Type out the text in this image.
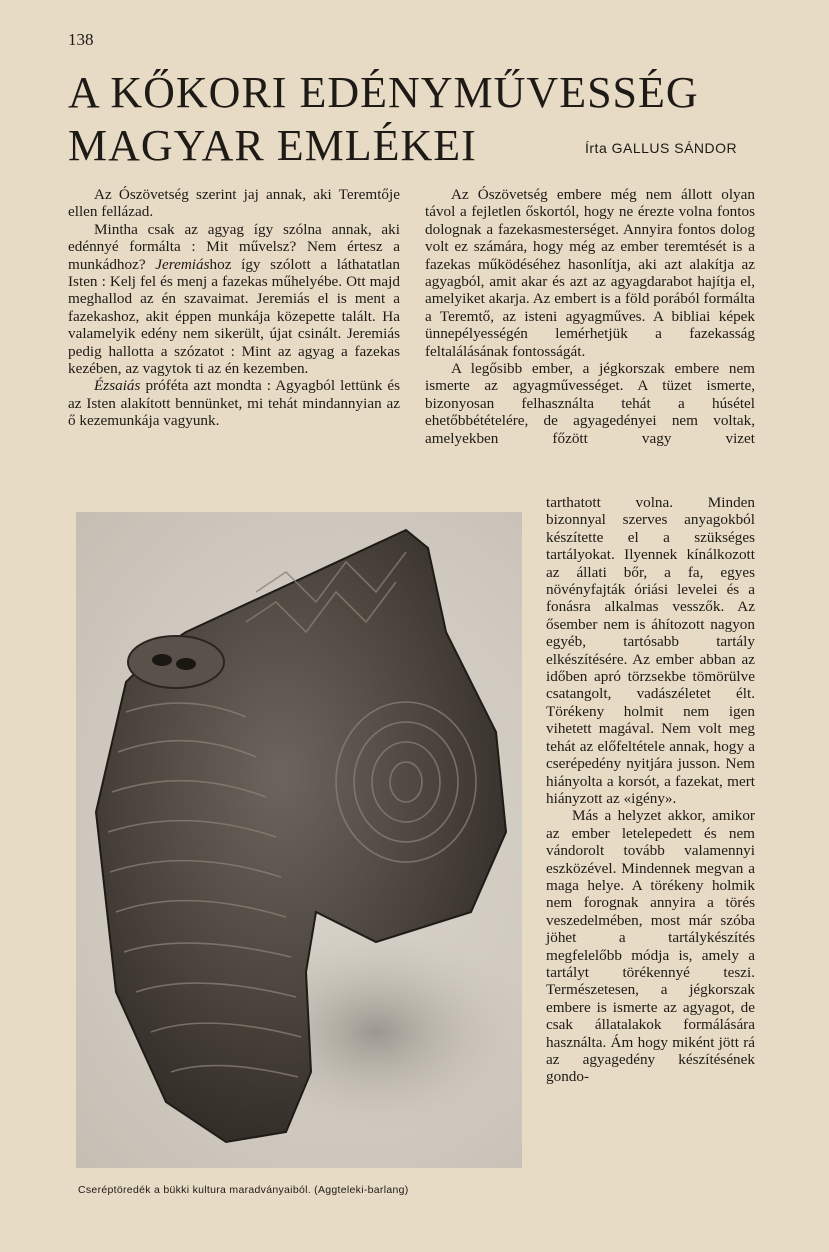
138
A KŐKORI EDÉNYMŰVESSÉG
MAGYAR EMLÉKEI	Írta GALLUS SÁNDOR

Az Ószövetség szerint jaj annak, aki Teremtője ellen fellázad.

Mintha csak az agyag így szólna annak, aki edénnyé formálta : Mit művelsz? Nem értesz a munkádhoz? Jeremiáshoz így szólott a láthatatlan Isten : Kelj fel és menj a fazekas műhelyébe. Ott majd meghallod az én szavaimat. Jeremiás el is ment a fazekashoz, akit éppen munkája közepette talált. Ha valamelyik edény nem sikerült, újat csinált. Jeremiás pedig hallotta a szózatot : Mint az agyag a fazekas kezében, az vagytok ti az én kezemben.

Ézsaiás próféta azt mondta : Agyagból lettünk és az Isten alakított bennünket, mi tehát mindannyian az ő kezemunkája vagyunk.

Az Ószövetség embere még nem állott olyan távol a fejletlen őskortól, hogy ne érezte volna fontos dolognak a fazekasmesterséget. Annyira fontos dolog volt ez számára, hogy még az ember teremtését is a fazekas működéséhez hasonlítja, aki azt alakítja az agyagból, amit akar és azt az agyagdarabot hajítja el, amelyiket akarja. Az embert is a föld porából formálta a Teremtő, az isteni agyagműves. A bibliai képek ünnepélyességén lemérhetjük a fazekasság feltalálásának fontosságát.

A legősibb ember, a jégkorszak embere nem ismerte az agyagművességet. A tüzet ismerte, bizonyosan felhasználta tehát a húsétel ehetőbbétételére, de agyagedényei nem voltak, amelyekben főzött vagy vizet

tarthatott volna. Minden bizonnyal szerves anyagokból készítette el a szükséges tartályokat. Ilyennek kínálkozott az állati bőr, a fa, egyes növényfajták óriási levelei és a fonásra alkalmas vesszők. Az ősember nem is áhítozott nagyon egyéb, tartósabb tartály elkészítésére. Az ember abban az időben apró törzsekbe tömörülve csatangolt, vadászéletet élt. Törékeny holmit nem igen vihetett magával. Nem volt meg tehát az előfeltétele annak, hogy a cserépedény nyitjára jusson. Nem hiányolta a korsót, a fazekat, mert hiányzott az «igény».

Más a helyzet akkor, amikor az ember letelepedett és nem vándorolt tovább valamennyi eszközével. Mindennek megvan a maga helye. A törékeny holmik nem forognak annyira a törés veszedelmében, most már szóba jöhet a tartálykészítés megfelelőbb módja is, amely a tartályt törékennyé teszi. Természetesen, a jégkorszak embere is ismerte az agyagot, de csak állatalakok formálására használta. Ám hogy miként jött rá az agyagedény készítésének gondo-

Cseréptöredék a bükki kultura maradványaiból. (Aggteleki-barlang)
